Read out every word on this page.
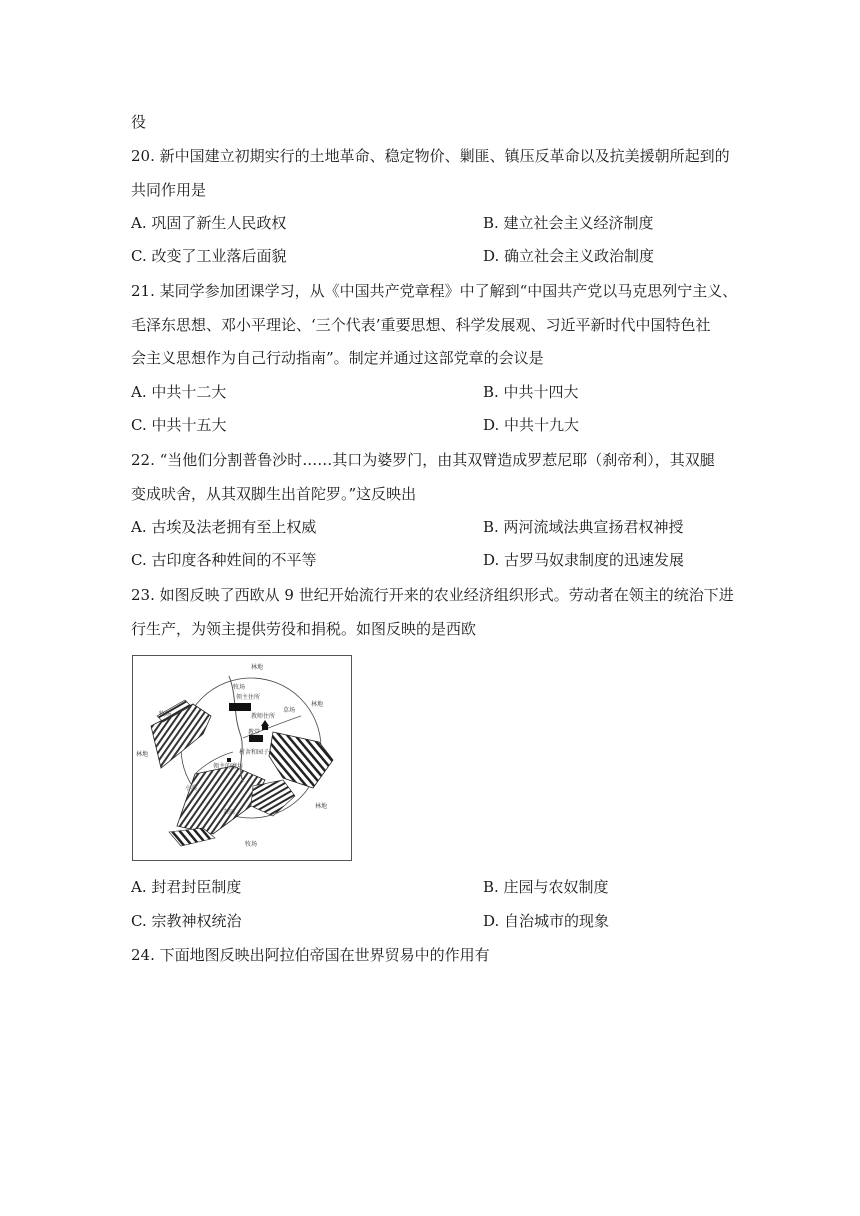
役
20. 新中国建立初期实行的土地革命、稳定物价、剿匪、镇压反革命以及抗美援朝所起到的
共同作用是
A. 巩固了新生人民政权	B. 建立社会主义经济制度
C. 改变了工业落后面貌	D. 确立社会主义政治制度
21. 某同学参加团课学习，从《中国共产党章程》中了解到“中国共产党以马克思列宁主义、
毛泽东思想、邓小平理论、‘三个代表’重要思想、科学发展观、习近平新时代中国特色社
会主义思想作为自己行动指南”。制定并通过这部党章的会议是
A. 中共十二大	B. 中共十四大
C. 中共十五大	D. 中共十九大
22. “当他们分割普鲁沙时……其口为婆罗门，由其双臂造成罗惹尼耶（刹帝利），其双腿
变成吠舍，从其双脚生出首陀罗。”这反映出
A. 古埃及法老拥有至上权威	B. 两河流域法典宣扬君权神授
C. 古印度各种姓间的不平等	D. 古罗马奴隶制度的迅速发展
23. 如图反映了西欧从 9 世纪开始流行开来的农业经济组织形式。劳动者在领主的统治下进
行生产，为领主提供劳役和捐税。如图反映的是西欧
林地
牧场
领主住所
教堂
教师住所
草场
林地
林地
牧场
领主的磨坊
村舍和园子
小溪
林地
牧场
条田
A. 封君封臣制度	B. 庄园与农奴制度
C. 宗教神权统治	D. 自治城市的现象
24. 下面地图反映出阿拉伯帝国在世界贸易中的作用有
